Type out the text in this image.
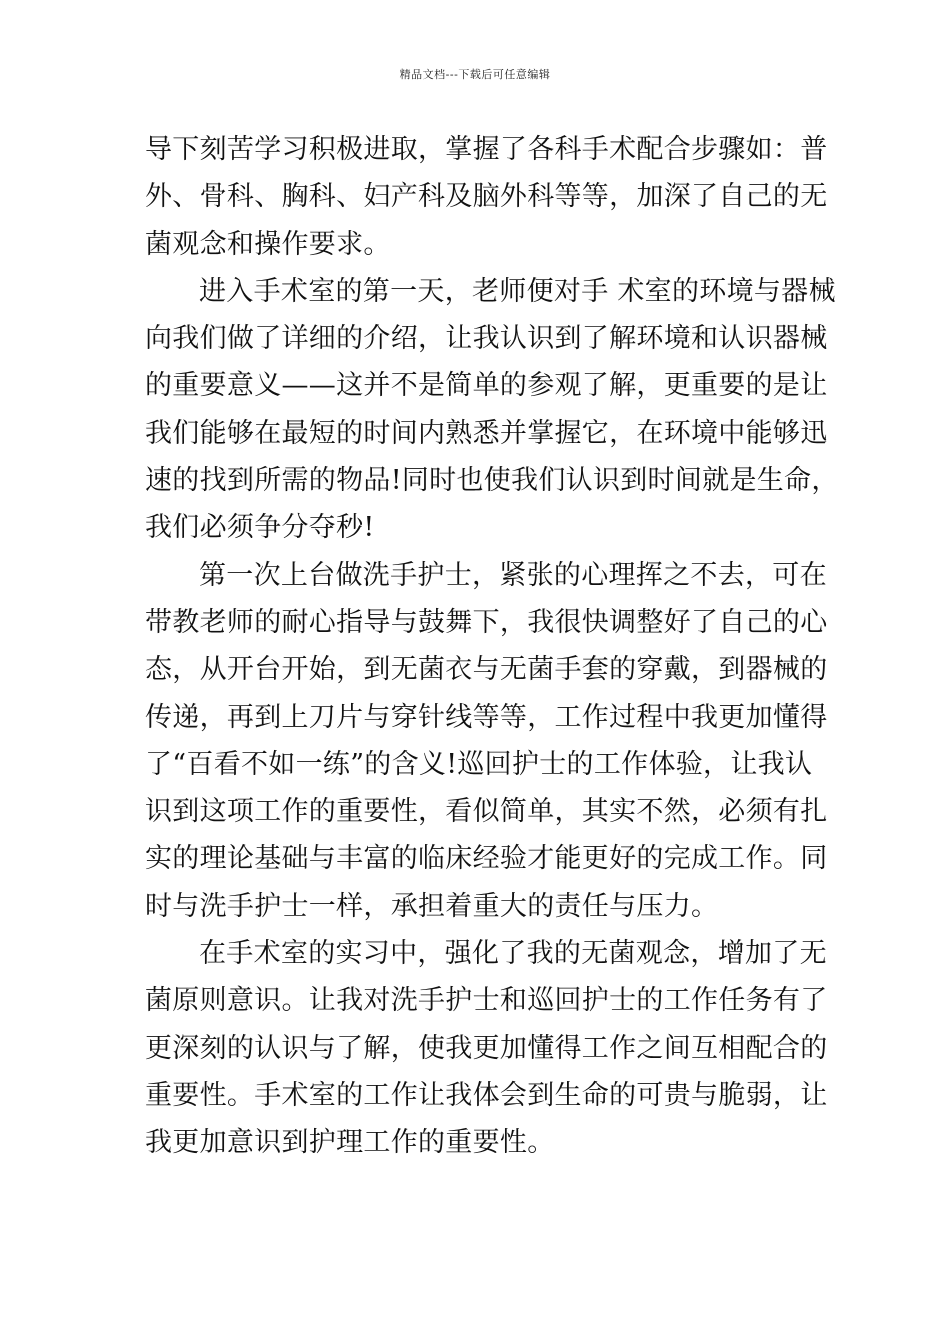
精品文档---下载后可任意编辑
导下刻苦学习积极进取，掌握了各科手术配合步骤如：普
外、骨科、胸科、妇产科及脑外科等等，加深了自己的无
菌观念和操作要求。
进入手术室的第一天，老师便对手 术室的环境与器械
向我们做了详细的介绍，让我认识到了解环境和认识器械
的重要意义——这并不是简单的参观了解，更重要的是让
我们能够在最短的时间内熟悉并掌握它，在环境中能够迅
速的找到所需的物品!同时也使我们认识到时间就是生命，
我们必须争分夺秒!
第一次上台做洗手护士，紧张的心理挥之不去，可在
带教老师的耐心指导与鼓舞下，我很快调整好了自己的心
态，从开台开始，到无菌衣与无菌手套的穿戴，到器械的
传递，再到上刀片与穿针线等等，工作过程中我更加懂得
了“百看不如一练”的含义!巡回护士的工作体验，让我认
识到这项工作的重要性，看似简单，其实不然，必须有扎
实的理论基础与丰富的临床经验才能更好的完成工作。同
时与洗手护士一样，承担着重大的责任与压力。
在手术室的实习中，强化了我的无菌观念，增加了无
菌原则意识。让我对洗手护士和巡回护士的工作任务有了
更深刻的认识与了解，使我更加懂得工作之间互相配合的
重要性。手术室的工作让我体会到生命的可贵与脆弱，让
我更加意识到护理工作的重要性。
